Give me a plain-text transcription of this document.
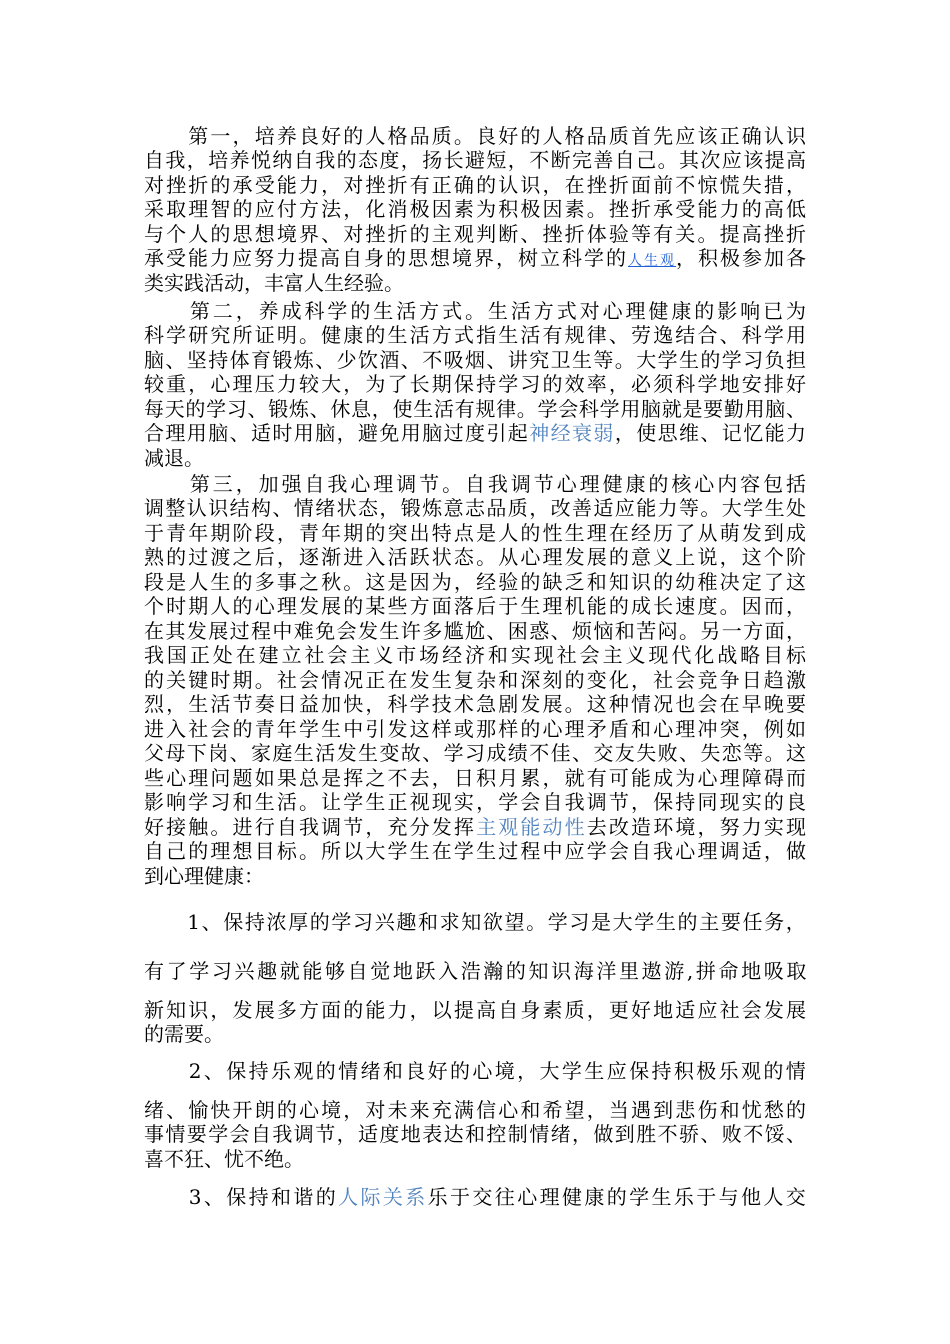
　　第一，培养良好的人格品质。良好的人格品质首先应该正确认识
自我，培养悦纳自我的态度，扬长避短，不断完善自己。其次应该提高
对挫折的承受能力，对挫折有正确的认识，在挫折面前不惊慌失措，
采取理智的应付方法，化消极因素为积极因素。挫折承受能力的高低
与个人的思想境界、对挫折的主观判断、挫折体验等有关。提高挫折
承受能力应努力提高自身的思想境界，树立科学的人生观，积极参加各
类实践活动，丰富人生经验。
　　第二，养成科学的生活方式。生活方式对心理健康的影响已为
科学研究所证明。健康的生活方式指生活有规律、劳逸结合、科学用
脑、坚持体育锻炼、少饮酒、不吸烟、讲究卫生等。大学生的学习负担
较重，心理压力较大，为了长期保持学习的效率，必须科学地安排好
每天的学习、锻炼、休息，使生活有规律。学会科学用脑就是要勤用脑、
合理用脑、适时用脑，避免用脑过度引起神经衰弱，使思维、记忆能力
减退。
　　第三，加强自我心理调节。自我调节心理健康的核心内容包括
调整认识结构、情绪状态，锻炼意志品质，改善适应能力等。大学生处
于青年期阶段，青年期的突出特点是人的性生理在经历了从萌发到成
熟的过渡之后，逐渐进入活跃状态。从心理发展的意义上说，这个阶
段是人生的多事之秋。这是因为，经验的缺乏和知识的幼稚决定了这
个时期人的心理发展的某些方面落后于生理机能的成长速度。因而，
在其发展过程中难免会发生许多尴尬、困惑、烦恼和苦闷。另一方面，
我国正处在建立社会主义市场经济和实现社会主义现代化战略目标
的关键时期。社会情况正在发生复杂和深刻的变化，社会竞争日趋激
烈，生活节奏日益加快，科学技术急剧发展。这种情况也会在早晚要
进入社会的青年学生中引发这样或那样的心理矛盾和心理冲突，例如
父母下岗、家庭生活发生变故、学习成绩不佳、交友失败、失恋等。这
些心理问题如果总是挥之不去，日积月累，就有可能成为心理障碍而
影响学习和生活。让学生正视现实，学会自我调节，保持同现实的良
好接触。进行自我调节，充分发挥主观能动性去改造环境，努力实现
自己的理想目标。所以大学生在学生过程中应学会自我心理调适，做
到心理健康：
　　1、保持浓厚的学习兴趣和求知欲望。学习是大学生的主要任务，
有了学习兴趣就能够自觉地跃入浩瀚的知识海洋里遨游,拼命地吸取
新知识，发展多方面的能力，以提高自身素质，更好地适应社会发展
的需要。
　　2、保持乐观的情绪和良好的心境，大学生应保持积极乐观的情
绪、愉快开朗的心境，对未来充满信心和希望，当遇到悲伤和忧愁的
事情要学会自我调节，适度地表达和控制情绪，做到胜不骄、败不馁、
喜不狂、忧不绝。
　　3、保持和谐的人际关系乐于交往心理健康的学生乐于与他人交
